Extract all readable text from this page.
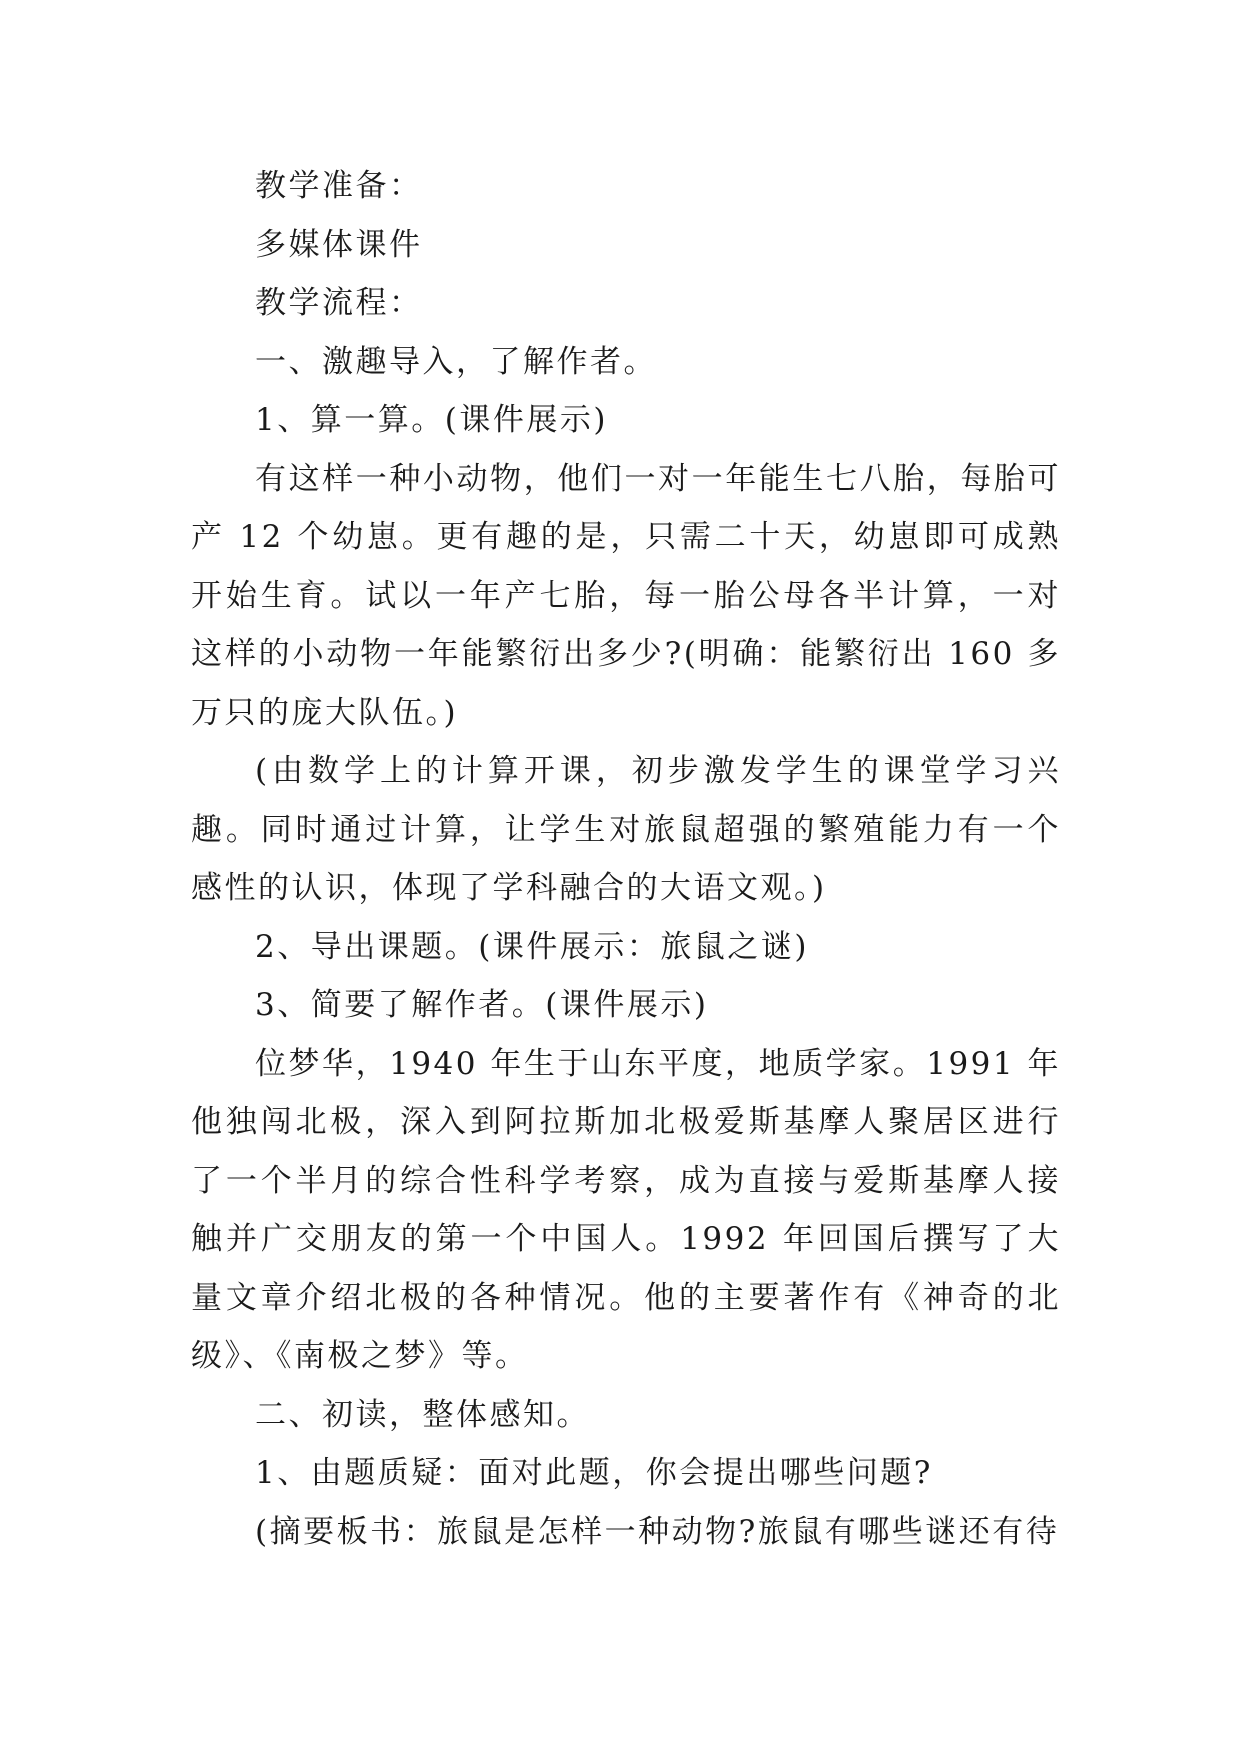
教学准备：

多媒体课件

教学流程：

一、激趣导入，了解作者。

1、算一算。(课件展示)

有这样一种小动物，他们一对一年能生七八胎，每胎可产 12 个幼崽。更有趣的是，只需二十天，幼崽即可成熟开始生育。试以一年产七胎，每一胎公母各半计算，一对这样的小动物一年能繁衍出多少?(明确：能繁衍出 160 多万只的庞大队伍。)

(由数学上的计算开课，初步激发学生的课堂学习兴趣。同时通过计算，让学生对旅鼠超强的繁殖能力有一个感性的认识，体现了学科融合的大语文观。)

2、导出课题。(课件展示：旅鼠之谜)

3、简要了解作者。(课件展示)

位梦华，1940 年生于山东平度，地质学家。1991 年他独闯北极，深入到阿拉斯加北极爱斯基摩人聚居区进行了一个半月的综合性科学考察，成为直接与爱斯基摩人接触并广交朋友的第一个中国人。1992 年回国后撰写了大量文章介绍北极的各种情况。他的主要著作有《神奇的北级》、《南极之梦》等。

二、初读，整体感知。

1、由题质疑：面对此题，你会提出哪些问题?

(摘要板书：旅鼠是怎样一种动物?旅鼠有哪些谜还有待
